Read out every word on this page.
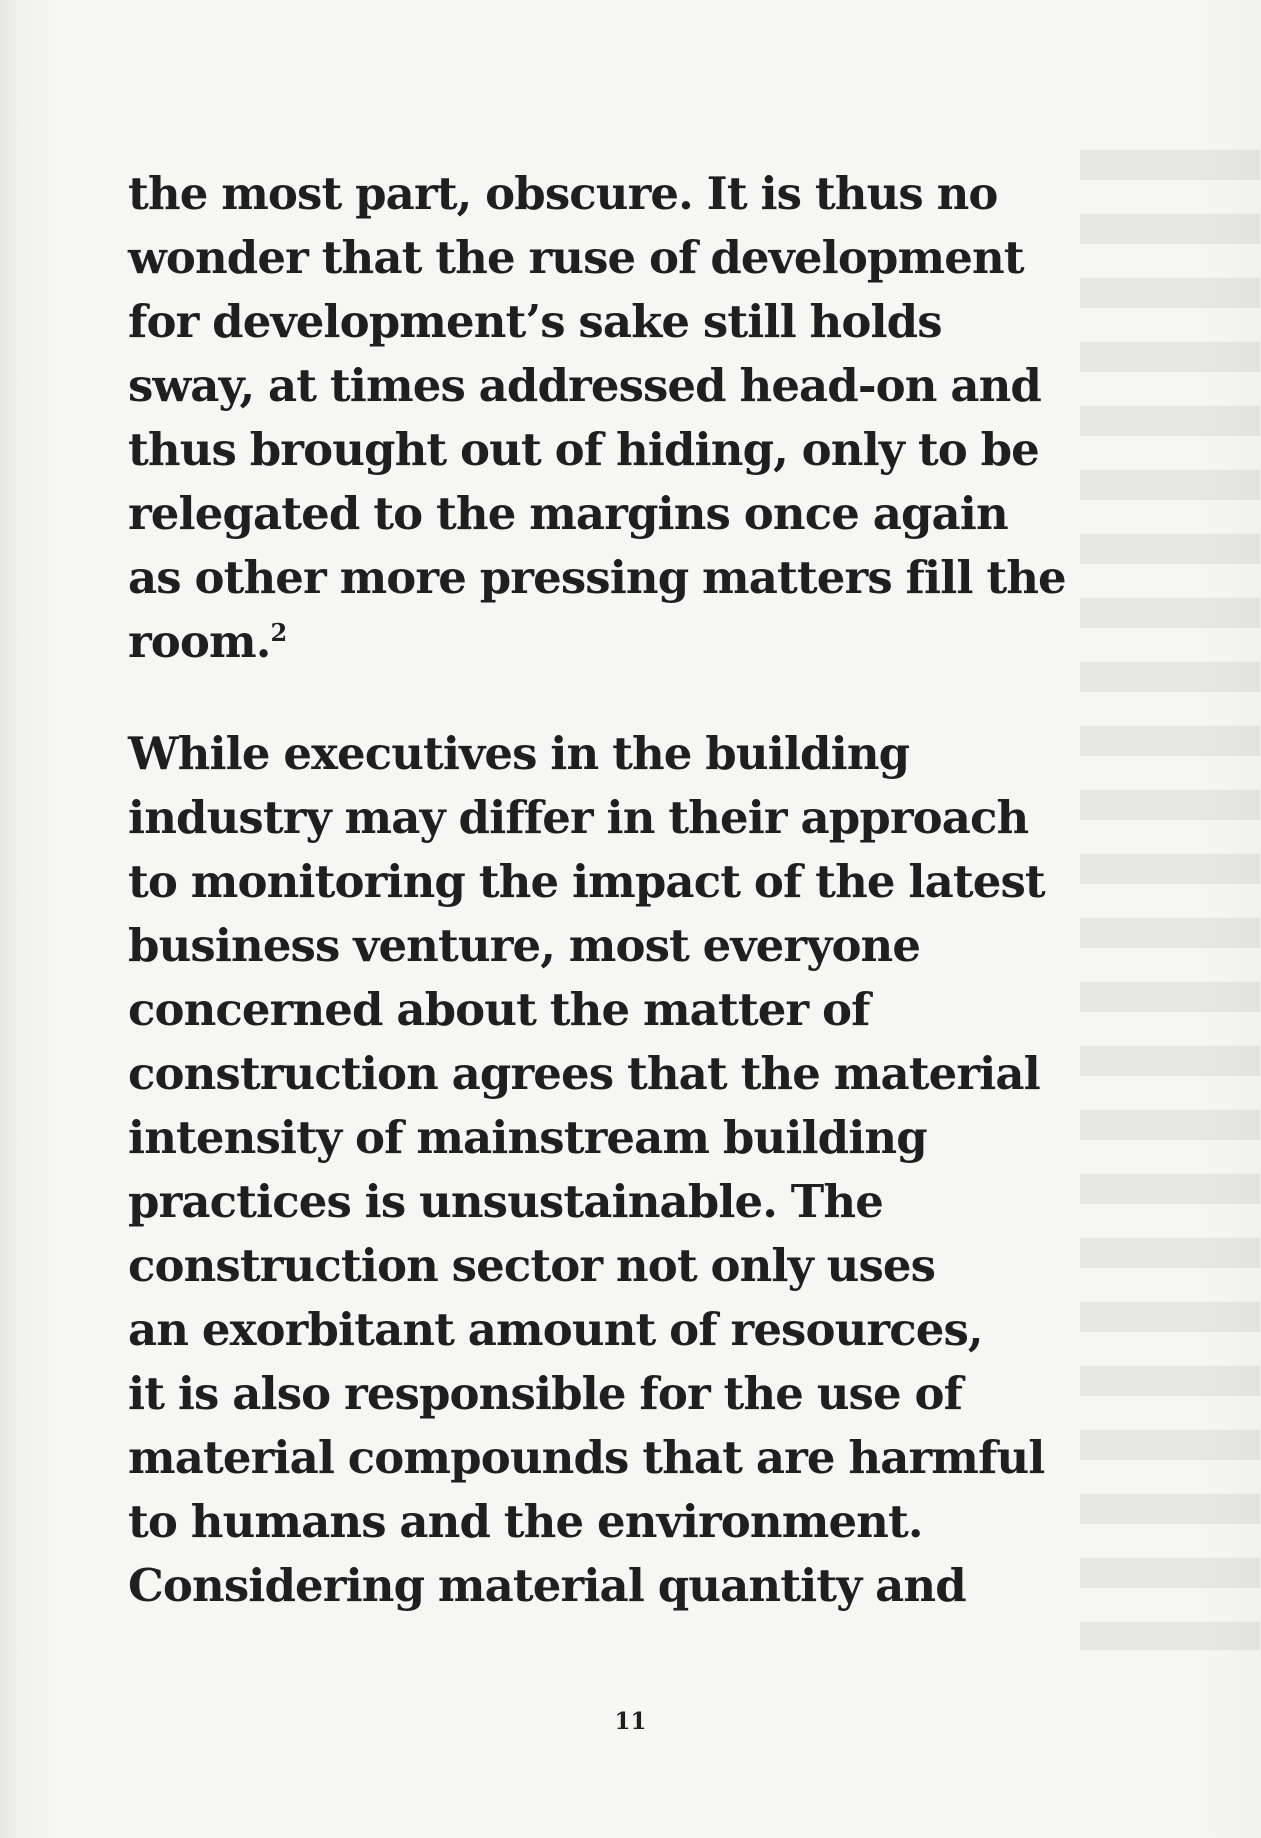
the most part, obscure. It is thus no
wonder that the ruse of development
for development’s sake still holds
sway, at times addressed head-on and
thus brought out of hiding, only to be
relegated to the margins once again
as other more pressing matters fill the
room.$^2$
While executives in the building
industry may differ in their approach
to monitoring the impact of the latest
business venture, most everyone
concerned about the matter of
construction agrees that the material
intensity of mainstream building
practices is unsustainable. The
construction sector not only uses
an exorbitant amount of resources,
it is also responsible for the use of
material compounds that are harmful
to humans and the environment.
Considering material quantity and
11
